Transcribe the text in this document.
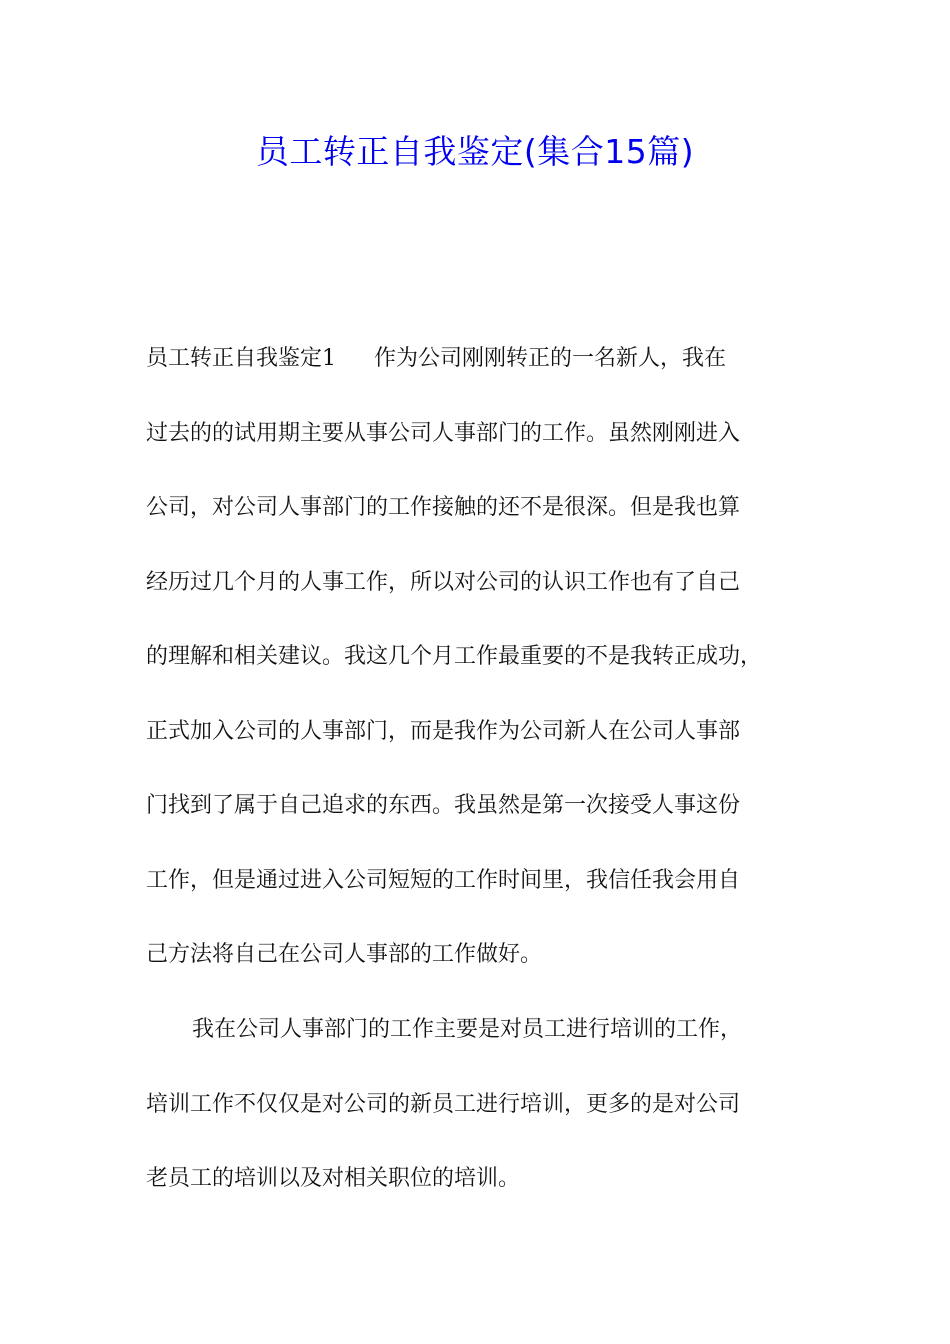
员工转正自我鉴定(集合15篇)
员工转正自我鉴定1 作为公司刚刚转正的一名新人，我在
过去的的试用期主要从事公司人事部门的工作。虽然刚刚进入
公司，对公司人事部门的工作接触的还不是很深。但是我也算
经历过几个月的人事工作，所以对公司的认识工作也有了自己
的理解和相关建议。我这几个月工作最重要的不是我转正成功，
正式加入公司的人事部门，而是我作为公司新人在公司人事部
门找到了属于自己追求的东西。我虽然是第一次接受人事这份
工作，但是通过进入公司短短的工作时间里，我信任我会用自
己方法将自己在公司人事部的工作做好。
我在公司人事部门的工作主要是对员工进行培训的工作，
培训工作不仅仅是对公司的新员工进行培训，更多的是对公司
老员工的培训以及对相关职位的培训。
